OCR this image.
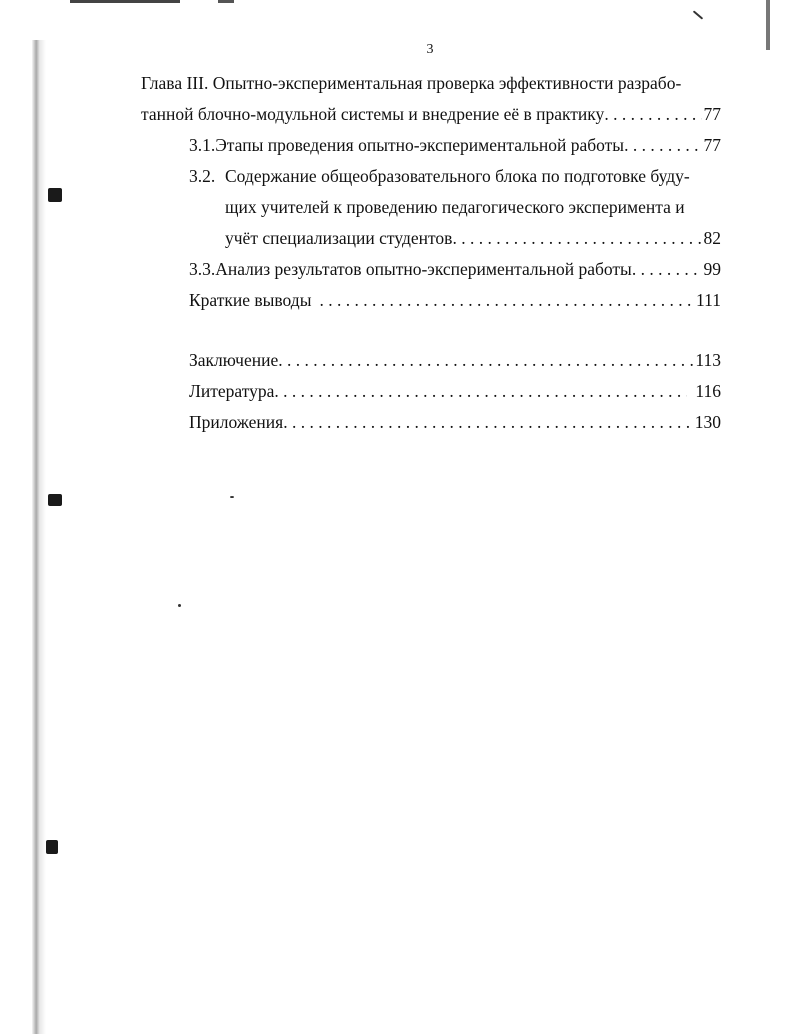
3
Глава III. Опытно-экспериментальная проверка эффективности разрабо-
танной блочно-модульной системы и внедрение её в практику . . .	77
3.1. Этапы проведения опытно-экспериментальной работы . . .	77
3.2. Содержание общеобразовательного блока по подготовке буду-
щих учителей к проведению педагогического эксперимента и
учёт специализации студентов . . .	82
3.3. Анализ результатов опытно-экспериментальной работы . . .	99
Краткие выводы . . .	111
Заключение . . .	113
Литература . . .	116
Приложения . . .	130
